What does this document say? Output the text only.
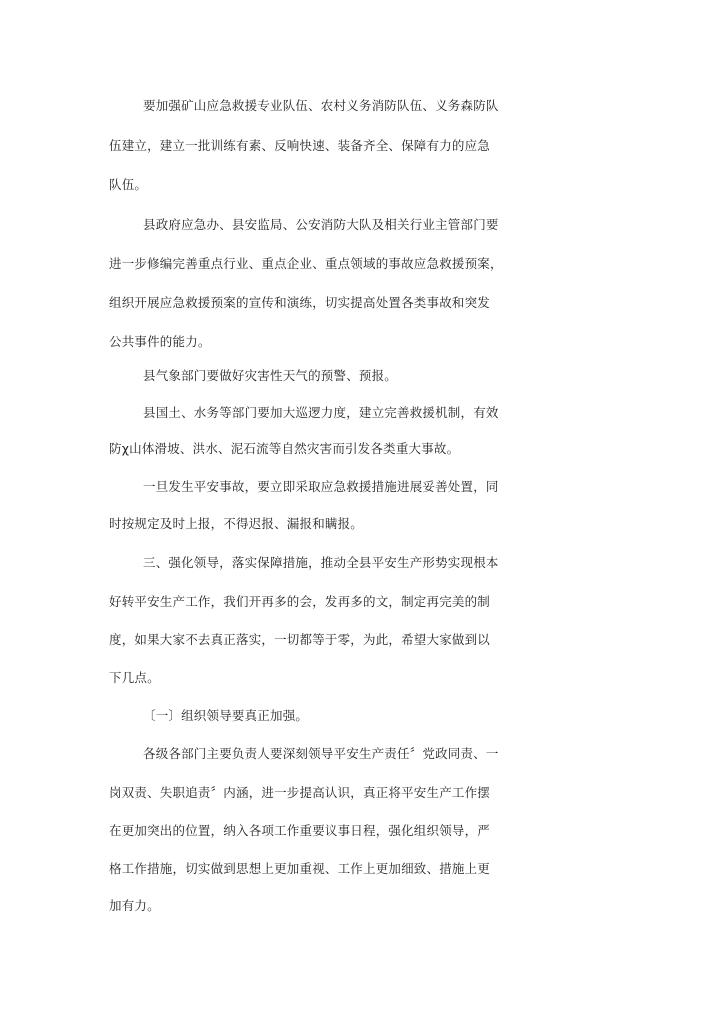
要加强矿山应急救援专业队伍、农村义务消防队伍、义务森防队
伍建立，建立一批训练有素、反响快速、装备齐全、保障有力的应急
队伍。
县政府应急办、县安监局、公安消防大队及相关行业主管部门要
进一步修编完善重点行业、重点企业、重点领域的事故应急救援预案，
组织开展应急救援预案的宣传和演练，切实提高处置各类事故和突发
公共事件的能力。
县气象部门要做好灾害性天气的预警、预报。
县国土、水务等部门要加大巡逻力度，建立完善救援机制，有效
防χ山体滑坡、洪水、泥石流等自然灾害而引发各类重大事故。
一旦发生平安事故，要立即采取应急救援措施进展妥善处置，同
时按规定及时上报，不得迟报、漏报和瞒报。
三、强化领导，落实保障措施，推动全县平安生产形势实现根本
好转平安生产工作，我们开再多的会，发再多的文，制定再完美的制
度，如果大家不去真正落实，一切都等于零，为此，希望大家做到以
下几点。
〔一〕组织领导要真正加强。
各级各部门主要负责人要深刻领导平安生产责任〞党政同责、一
岗双责、失职追责〞内涵，进一步提高认识，真正将平安生产工作摆
在更加突出的位置，纳入各项工作重要议事日程，强化组织领导，严
格工作措施，切实做到思想上更加重视、工作上更加细致、措施上更
加有力。
